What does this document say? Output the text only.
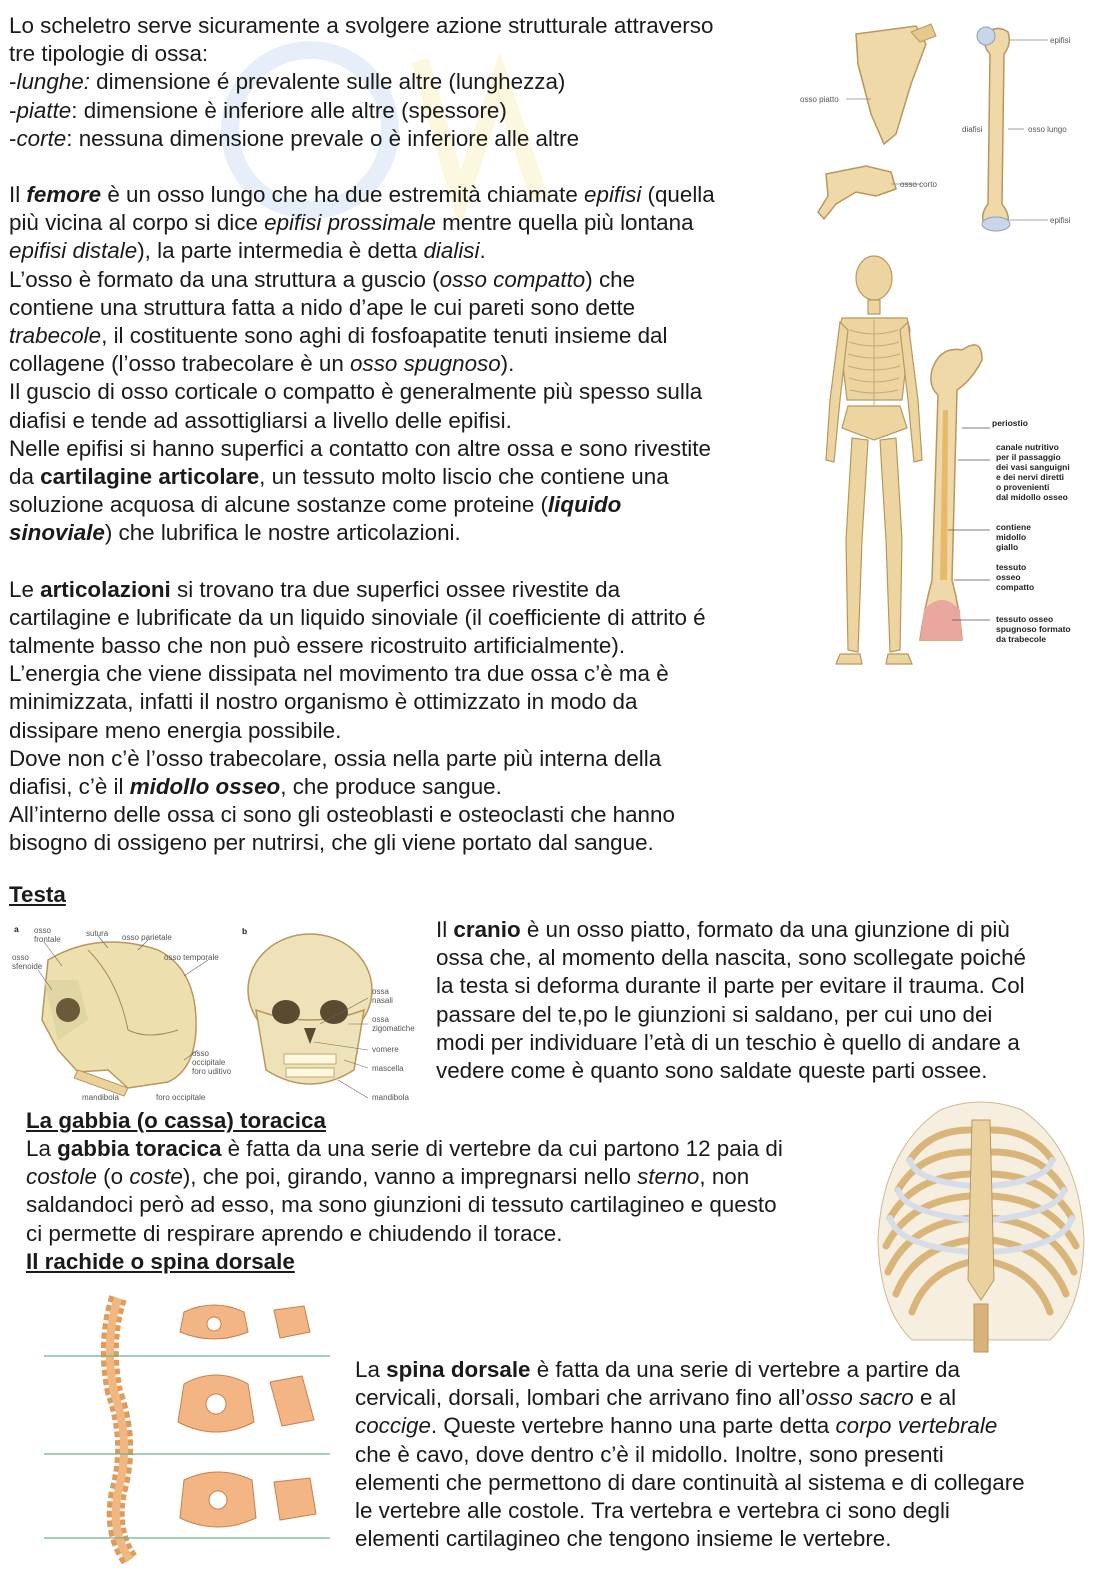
Lo scheletro serve sicuramente a svolgere azione strutturale attraverso

tre tipologie di ossa:

-lunghe: dimensione é prevalente sulle altre (lunghezza)

-piatte: dimensione è inferiore alle altre (spessore)

-corte: nessuna dimensione prevale o è inferiore alle altre

Il femore è un osso lungo che ha due estremità chiamate epifisi (quella

più vicina al corpo si dice epifisi prossimale mentre quella più lontana

epifisi distale), la parte intermedia è detta dialisi.

L’osso è formato da una struttura a guscio (osso compatto) che

contiene una struttura fatta a nido d’ape le cui pareti sono dette

trabecole, il costituente sono aghi di fosfoapatite tenuti insieme dal

collagene (l’osso trabecolare è un osso spugnoso).

Il guscio di osso corticale o compatto è generalmente più spesso sulla

diafisi e tende ad assottigliarsi a livello delle epifisi.

Nelle epifisi si hanno superfici a contatto con altre ossa e sono rivestite

da cartilagine articolare, un tessuto molto liscio che contiene una

soluzione acquosa di alcune sostanze come proteine (liquido

sinoviale) che lubrifica le nostre articolazioni.

Le articolazioni si trovano tra due superfici ossee rivestite da

cartilagine e lubrificate da un liquido sinoviale (il coefficiente di attrito é

talmente basso che non può essere ricostruito artificialmente).

L’energia che viene dissipata nel movimento tra due ossa c’è ma è

minimizzata, infatti il nostro organismo è ottimizzato in modo da

dissipare meno energia possibile.

Dove non c’è l’osso trabecolare, ossia nella parte più interna della

diafisi, c’è il midollo osseo, che produce sangue.

All’interno delle ossa ci sono gli osteoblasti e osteoclasti che hanno

bisogno di ossigeno per nutrirsi, che gli viene portato dal sangue.

osso piatto
osso corto
epifisi
diafisi	osso lungo
epifisi
periostio
canale nutritivo
per il passaggio
dei vasi sanguigni
e dei nervi diretti
o provenienti
dal midollo osseo
contiene
midollo
giallo
tessuto
osseo
compatto
tessuto osseo
spugnoso formato
da trabecole
Testa
a	b
osso
frontale
sutura osso parietale
osso
sfenoide
osso temporale
ossa
nasali
ossa
zigomatiche
vomere
mascella
osso
occipitale
foro uditivo
mandibola	foro occipitale	mandibola

Il cranio è un osso piatto, formato da una giunzione di più

ossa che, al momento della nascita, sono scollegate poiché

la testa si deforma durante il parte per evitare il trauma. Col

passare del te,po le giunzioni si saldano, per cui uno dei

modi per individuare l’età di un teschio è quello di andare a

vedere come è quanto sono saldate queste parti ossee.

La gabbia (o cassa) toracica

La gabbia toracica è fatta da una serie di vertebre da cui partono 12 paia di

costole (o coste), che poi, girando, vanno a impregnarsi nello sterno, non

saldandoci però ad esso, ma sono giunzioni di tessuto cartilagineo e questo

ci permette di respirare aprendo e chiudendo il torace.

Il rachide o spina dorsale

La spina dorsale è fatta da una serie di vertebre a partire da

cervicali, dorsali, lombari che arrivano fino all’osso sacro e al

coccige. Queste vertebre hanno una parte detta corpo vertebrale

che è cavo, dove dentro c’è il midollo. Inoltre, sono presenti

elementi che permettono di dare continuità al sistema e di collegare

le vertebre alle costole. Tra vertebra e vertebra ci sono degli

elementi cartilagineo che tengono insieme le vertebre.
